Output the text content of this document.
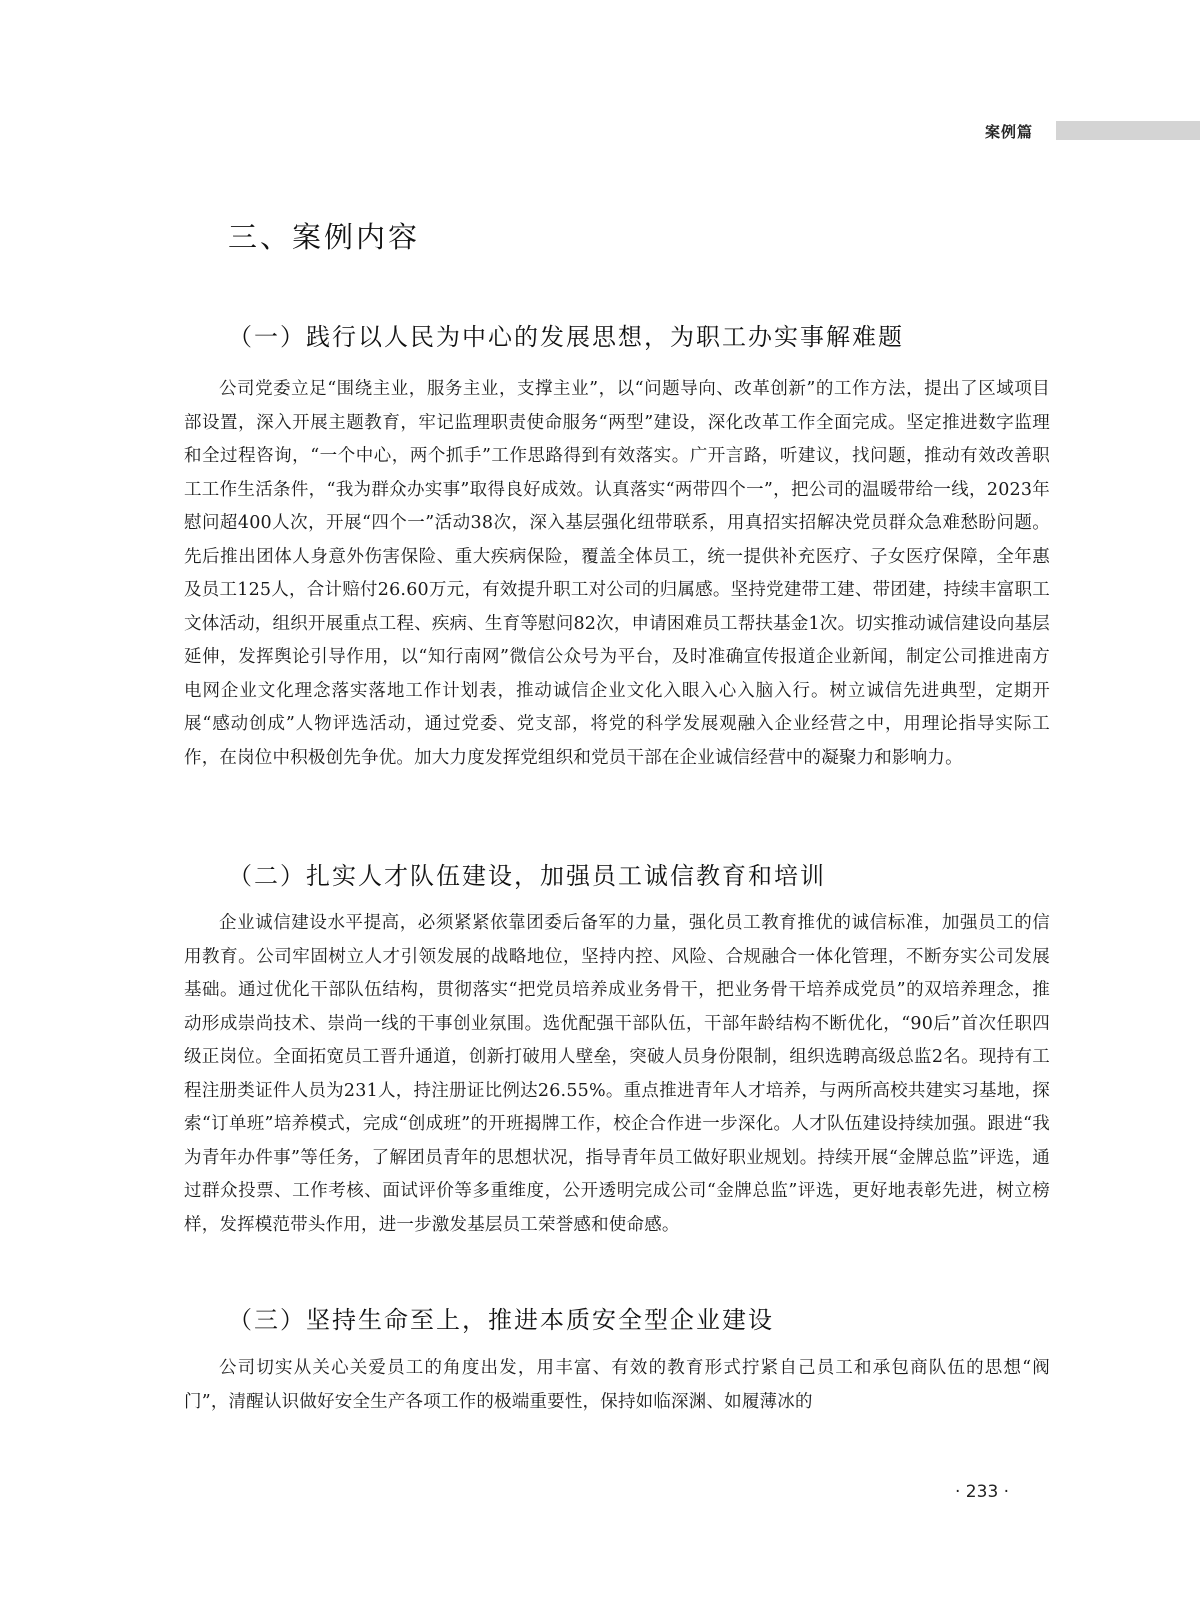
案例篇
三、案例内容
（一）践行以人民为中心的发展思想，为职工办实事解难题

公司党委立足“围绕主业，服务主业，支撑主业”，以“问题导向、改革创新”的工作方法，提出了区域项目部设置，深入开展主题教育，牢记监理职责使命服务“两型”建设，深化改革工作全面完成。坚定推进数字监理和全过程咨询，“一个中心，两个抓手”工作思路得到有效落实。广开言路，听建议，找问题，推动有效改善职工工作生活条件，“我为群众办实事”取得良好成效。认真落实“两带四个一”，把公司的温暖带给一线，2023年慰问超400人次，开展“四个一”活动38次，深入基层强化纽带联系，用真招实招解决党员群众急难愁盼问题。先后推出团体人身意外伤害保险、重大疾病保险，覆盖全体员工，统一提供补充医疗、子女医疗保障，全年惠及员工125人，合计赔付26.60万元，有效提升职工对公司的归属感。坚持党建带工建、带团建，持续丰富职工文体活动，组织开展重点工程、疾病、生育等慰问82次，申请困难员工帮扶基金1次。切实推动诚信建设向基层延伸，发挥舆论引导作用，以“知行南网”微信公众号为平台，及时准确宣传报道企业新闻，制定公司推进南方电网企业文化理念落实落地工作计划表，推动诚信企业文化入眼入心入脑入行。树立诚信先进典型，定期开展“感动创成”人物评选活动，通过党委、党支部，将党的科学发展观融入企业经营之中，用理论指导实际工作，在岗位中积极创先争优。加大力度发挥党组织和党员干部在企业诚信经营中的凝聚力和影响力。

（二）扎实人才队伍建设，加强员工诚信教育和培训

企业诚信建设水平提高，必须紧紧依靠团委后备军的力量，强化员工教育推优的诚信标准，加强员工的信用教育。公司牢固树立人才引领发展的战略地位，坚持内控、风险、合规融合一体化管理，不断夯实公司发展基础。通过优化干部队伍结构，贯彻落实“把党员培养成业务骨干，把业务骨干培养成党员”的双培养理念，推动形成崇尚技术、崇尚一线的干事创业氛围。选优配强干部队伍，干部年龄结构不断优化，“90后”首次任职四级正岗位。全面拓宽员工晋升通道，创新打破用人壁垒，突破人员身份限制，组织选聘高级总监2名。现持有工程注册类证件人员为231人，持注册证比例达26.55%。重点推进青年人才培养，与两所高校共建实习基地，探索“订单班”培养模式，完成“创成班”的开班揭牌工作，校企合作进一步深化。人才队伍建设持续加强。跟进“我为青年办件事”等任务，了解团员青年的思想状况，指导青年员工做好职业规划。持续开展“金牌总监”评选，通过群众投票、工作考核、面试评价等多重维度，公开透明完成公司“金牌总监”评选，更好地表彰先进，树立榜样，发挥模范带头作用，进一步激发基层员工荣誉感和使命感。

（三）坚持生命至上，推进本质安全型企业建设

公司切实从关心关爱员工的角度出发，用丰富、有效的教育形式拧紧自己员工和承包商队伍的思想“阀门”，清醒认识做好安全生产各项工作的极端重要性，保持如临深渊、如履薄冰的

· 233 ·
